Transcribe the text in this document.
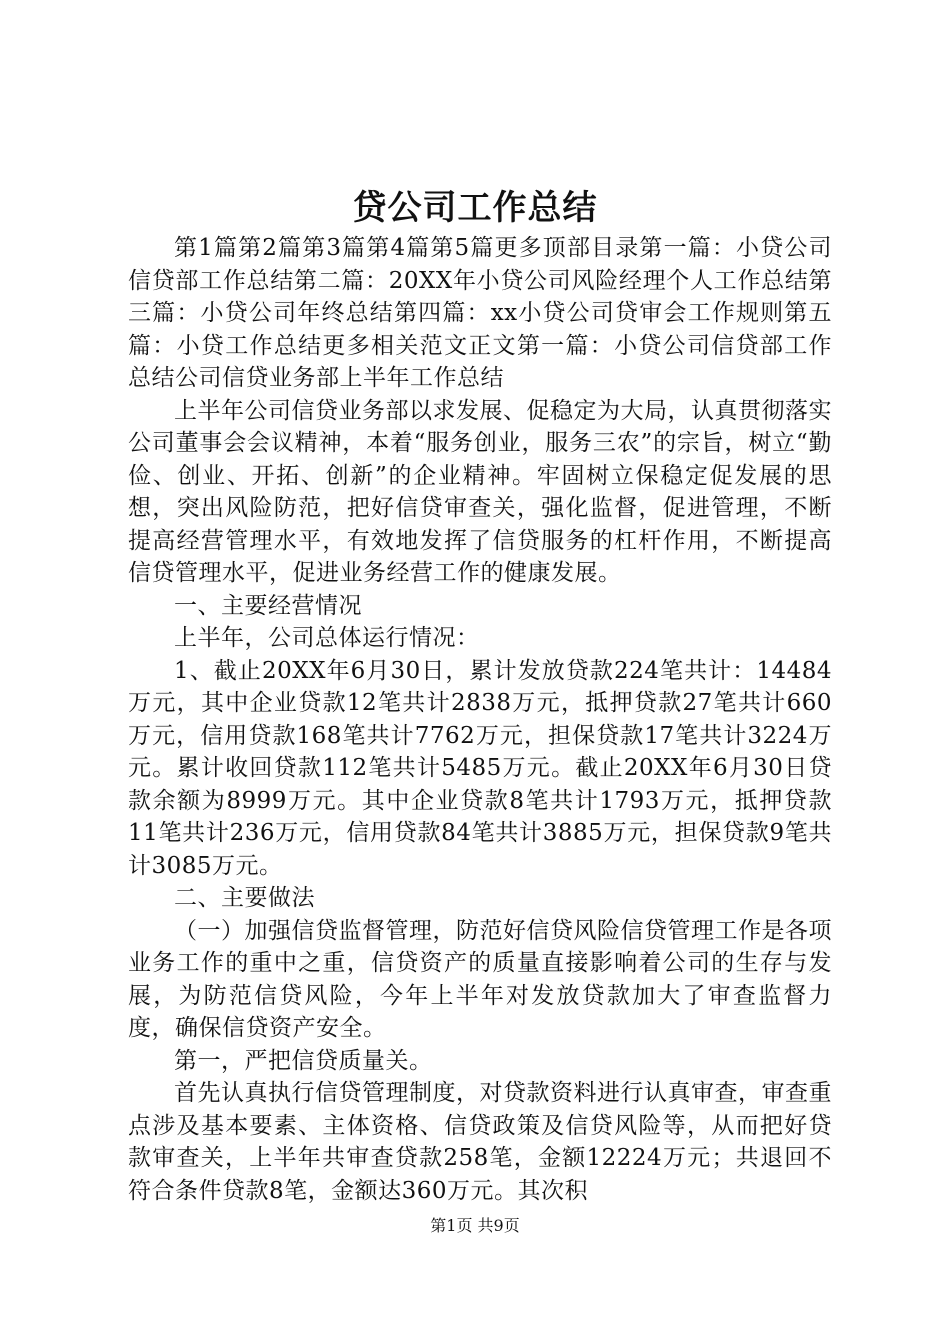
贷公司工作总结

第1篇第2篇第3篇第4篇第5篇更多顶部目录第一篇：小贷公司信贷部工作总结第二篇：20XX年小贷公司风险经理个人工作总结第三篇：小贷公司年终总结第四篇：xx小贷公司贷审会工作规则第五篇：小贷工作总结更多相关范文正文第一篇：小贷公司信贷部工作总结公司信贷业务部上半年工作总结

上半年公司信贷业务部以求发展、促稳定为大局，认真贯彻落实公司董事会会议精神，本着“服务创业，服务三农”的宗旨，树立“勤俭、创业、开拓、创新”的企业精神。牢固树立保稳定促发展的思想，突出风险防范，把好信贷审查关，强化监督，促进管理，不断提高经营管理水平，有效地发挥了信贷服务的杠杆作用，不断提高信贷管理水平，促进业务经营工作的健康发展。

一、主要经营情况

上半年，公司总体运行情况：

1、截止20XX年6月30日，累计发放贷款224笔共计：14484万元，其中企业贷款12笔共计2838万元，抵押贷款27笔共计660万元，信用贷款168笔共计7762万元，担保贷款17笔共计3224万元。累计收回贷款112笔共计5485万元。截止20XX年6月30日贷款余额为8999万元。其中企业贷款8笔共计1793万元，抵押贷款11笔共计236万元，信用贷款84笔共计3885万元，担保贷款9笔共计3085万元。

二、主要做法

（一）加强信贷监督管理，防范好信贷风险信贷管理工作是各项业务工作的重中之重，信贷资产的质量直接影响着公司的生存与发展，为防范信贷风险，今年上半年对发放贷款加大了审查监督力度，确保信贷资产安全。

第一，严把信贷质量关。

首先认真执行信贷管理制度，对贷款资料进行认真审查，审查重点涉及基本要素、主体资格、信贷政策及信贷风险等，从而把好贷款审查关，上半年共审查贷款258笔，金额12224万元；共退回不符合条件贷款8笔，金额达360万元。其次积

第1页 共9页
